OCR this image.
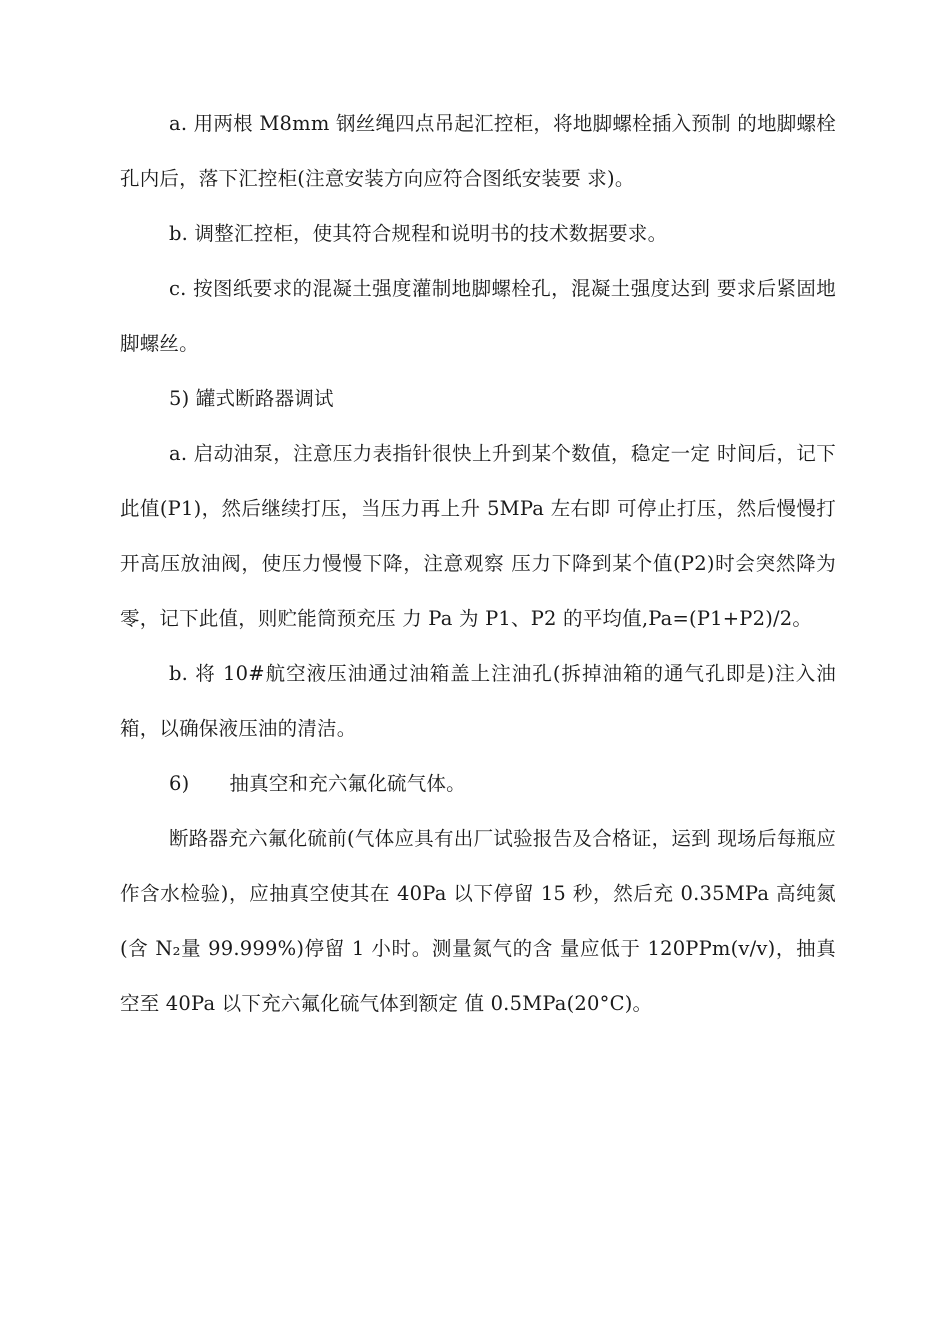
a. 用两根 M8mm 钢丝绳四点吊起汇控柜，将地脚螺栓插入预制 的地脚螺栓孔内后，落下汇控柜(注意安装方向应符合图纸安装要 求)。

b. 调整汇控柜，使其符合规程和说明书的技术数据要求。

c. 按图纸要求的混凝土强度灌制地脚螺栓孔，混凝土强度达到 要求后紧固地脚螺丝。

5) 罐式断路器调试

a. 启动油泵，注意压力表指针很快上升到某个数值，稳定一定 时间后，记下此值(P1)，然后继续打压，当压力再上升 5MPa 左右即 可停止打压，然后慢慢打开高压放油阀，使压力慢慢下降，注意观察 压力下降到某个值(P2)时会突然降为零，记下此值，则贮能筒预充压 力 Pa 为 P1、P2 的平均值,Pa=(P1+P2)/2。

b. 将 10#航空液压油通过油箱盖上注油孔(拆掉油箱的通气孔即是)注入油箱，以确保液压油的清洁。

6) 抽真空和充六氟化硫气体。

断路器充六氟化硫前(气体应具有出厂试验报告及合格证，运到 现场后每瓶应作含水检验)，应抽真空使其在 40Pa 以下停留 15 秒，然后充 0.35MPa 高纯氮(含 N₂量 99.999%)停留 1 小时。测量氮气的含 量应低于 120PPm(v/v)，抽真空至 40Pa 以下充六氟化硫气体到额定 值 0.5MPa(20°C)。
